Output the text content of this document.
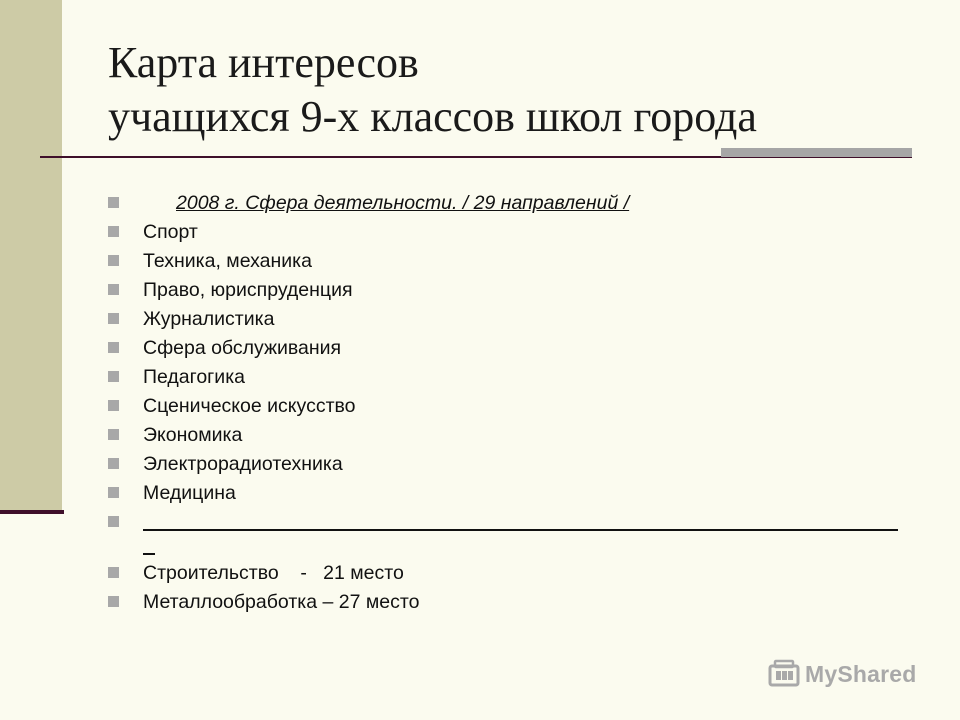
Карта интересов
учащихся 9-х классов школ города
2008 г. Сфера деятельности. / 29 направлений /
Спорт
Техника, механика
Право, юриспруденция
Журналистика
Сфера обслуживания
Педагогика
Сценическое искусство
Экономика
Электрорадиотехника
Медицина
Строительство    -   21 место
Металлообработка – 27 место
MyShared
